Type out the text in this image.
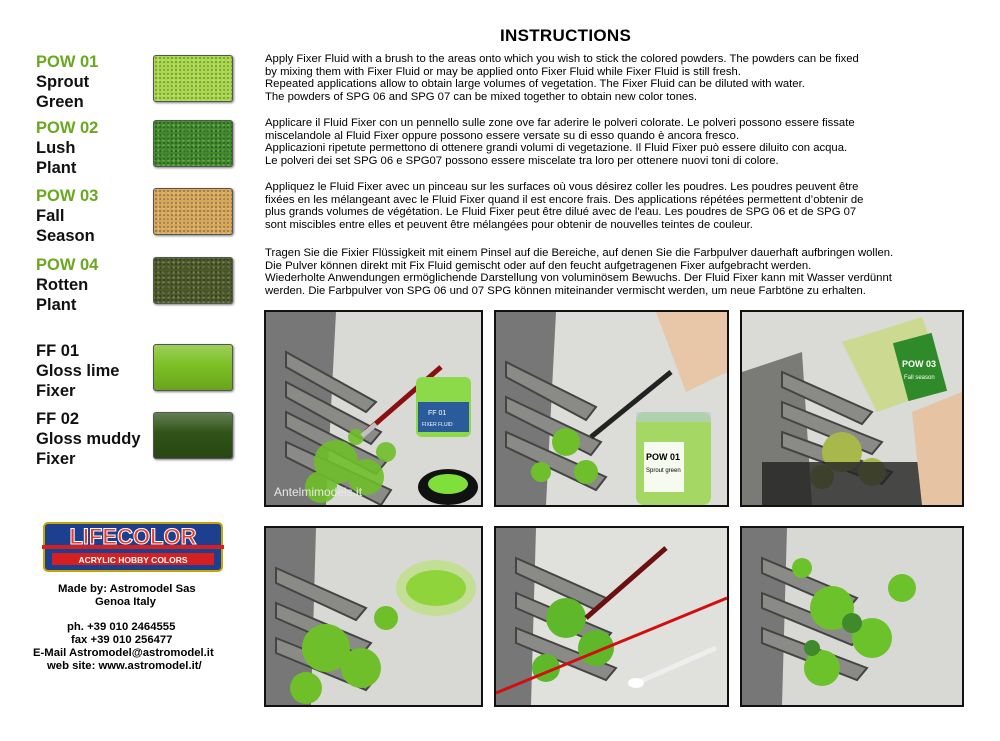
INSTRUCTIONS
POW 01
Sprout
Green
POW 02
Lush
Plant
POW 03
Fall
Season
POW 04
Rotten
Plant
FF 01
Gloss lime
Fixer
FF 02
Gloss muddy
Fixer
Apply Fixer Fluid with a brush to the areas onto which you wish to stick the colored powders. The powders can be fixed
by mixing them with Fixer Fluid or may be applied onto Fixer Fluid while Fixer Fluid is still fresh.
Repeated applications allow to obtain large volumes of vegetation. The Fixer Fluid can be diluted with water.
The powders of SPG 06 and SPG 07 can be mixed together to obtain new color tones.
Applicare il Fluid Fixer con un pennello sulle zone ove far aderire le polveri colorate. Le polveri possono essere fissate
miscelandole al Fluid Fixer oppure possono essere versate su di esso quando è ancora fresco.
Applicazioni ripetute permettono di ottenere grandi volumi di vegetazione. Il Fluid Fixer può essere diluito con acqua.
Le polveri dei set SPG 06 e SPG07 possono essere miscelate tra loro per ottenere nuovi toni di colore.
Appliquez le Fluid Fixer avec un pinceau sur les surfaces où vous désirez coller les poudres. Les poudres peuvent être
fixées en les mélangeant avec le Fluid Fixer quand il est encore frais. Des applications répétées permettent d’obtenir de
plus grands volumes de végétation. Le Fluid Fixer peut être dilué avec de l'eau. Les poudres de SPG 06 et de SPG 07
sont miscibles entre elles et peuvent être mélangées pour obtenir de nouvelles teintes de couleur.
Tragen Sie die Fixier Flüssigkeit mit einem Pinsel auf die Bereiche, auf denen Sie die Farbpulver dauerhaft aufbringen wollen.
Die Pulver können direkt mit Fix Fluid gemischt oder auf den feucht aufgetragenen Fixer aufgebracht werden.
Wiederholte Anwendungen ermöglichende Darstellung von voluminösem Bewuchs. Der Fluid Fixer kann mit Wasser verdünnt
werden. Die Farbpulver von SPG 06 und 07 SPG können miteinander vermischt werden, um neue Farbtöne zu erhalten.
FF 01
FIXER FLUID
Antelmimodels.it
POW 01
Sprout green
POW 03
Fall season
LIFECOLOR
ACRYLIC HOBBY COLORS
Made by: Astromodel Sas
Genoa Italy
ph. +39 010 2464555
fax +39 010 256477
E-Mail Astromodel@astromodel.it
web site: www.astromodel.it/
